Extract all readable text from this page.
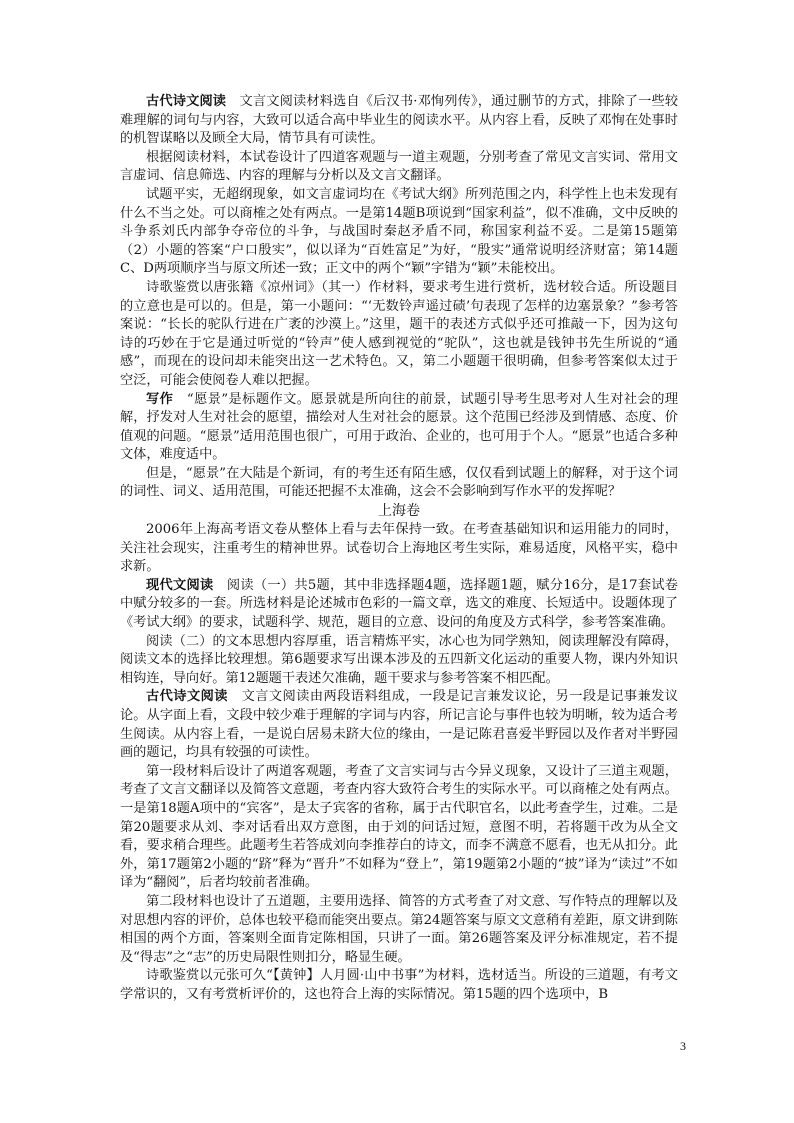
古代诗文阅读　文言文阅读材料选自《后汉书·邓恂列传》，通过删节的方式，排除了一些较难理解的词句与内容，大致可以适合高中毕业生的阅读水平。从内容上看，反映了邓恂在处事时的机智谋略以及顾全大局，情节具有可读性。

根据阅读材料，本试卷设计了四道客观题与一道主观题，分别考查了常见文言实词、常用文言虚词、信息筛选、内容的理解与分析以及文言文翻译。

试题平实，无超纲现象，如文言虚词均在《考试大纲》所列范围之内，科学性上也未发现有什么不当之处。可以商榷之处有两点。一是第14题B项说到“国家利益”，似不准确，文中反映的斗争系刘氏内部争夺帝位的斗争，与战国时秦赵矛盾不同，称国家利益不妥。二是第15题第（2）小题的答案“户口殷实”，似以译为“百姓富足”为好，“殷实”通常说明经济财富；第14题C、D两项顺序当与原文所述一致；正文中的两个“颖”字错为“颖”未能校出。

诗歌鉴赏以唐张籍《凉州词》（其一）作材料，要求考生进行赏析，选材较合适。所设题目的立意也是可以的。但是，第一小题问：“‘无数铃声遥过碛’句表现了怎样的边塞景象？”参考答案说：“长长的驼队行进在广袤的沙漠上。”这里，题干的表述方式似乎还可推敲一下，因为这句诗的巧妙在于它是通过听觉的“铃声”使人感到视觉的“驼队”，这也就是钱钟书先生所说的“通感”，而现在的设问却未能突出这一艺术特色。又，第二小题题干很明确，但参考答案似太过于空泛，可能会使阅卷人难以把握。

写作　“愿景”是标题作文。愿景就是所向往的前景，试题引导考生思考对人生对社会的理解，抒发对人生对社会的愿望，描绘对人生对社会的愿景。这个范围已经涉及到情感、态度、价值观的问题。“愿景”适用范围也很广，可用于政治、企业的，也可用于个人。“愿景”也适合多种文体，难度适中。

但是，“愿景”在大陆是个新词，有的考生还有陌生感，仅仅看到试题上的解释，对于这个词的词性、词义、适用范围，可能还把握不太准确，这会不会影响到写作水平的发挥呢？

上海卷

2006年上海高考语文卷从整体上看与去年保持一致。在考查基础知识和运用能力的同时，关注社会现实，注重考生的精神世界。试卷切合上海地区考生实际，难易适度，风格平实，稳中求新。

现代文阅读　阅读（一）共5题，其中非选择题4题，选择题1题，赋分16分，是17套试卷中赋分较多的一套。所选材料是论述城市色彩的一篇文章，选文的难度、长短适中。设题体现了《考试大纲》的要求，试题科学、规范，题目的立意、设问的角度及方式科学，参考答案准确。

阅读（二）的文本思想内容厚重，语言精炼平实，冰心也为同学熟知，阅读理解没有障碍，阅读文本的选择比较理想。第6题要求写出课本涉及的五四新文化运动的重要人物，课内外知识相钩连，导向好。第12题题干表述欠准确，题干要求与参考答案不相匹配。

古代诗文阅读　文言文阅读由两段语料组成，一段是记言兼发议论，另一段是记事兼发议论。从字面上看，文段中较少难于理解的字词与内容，所记言论与事件也较为明晰，较为适合考生阅读。从内容上看，一是说白居易未跻大位的缘由，一是记陈君喜爱半野园以及作者对半野园画的题记，均具有较强的可读性。

第一段材料后设计了两道客观题，考查了文言实词与古今异义现象，又设计了三道主观题，考查了文言文翻译以及简答文意题，考查内容大致符合考生的实际水平。可以商榷之处有两点。一是第18题A项中的“宾客”，是太子宾客的省称，属于古代职官名，以此考查学生，过难。二是第20题要求从刘、李对话看出双方意图，由于刘的问话过短，意图不明，若将题干改为从全文看，要求稍合理些。此题考生若答成刘向李推荐白的诗文，而李不满意不愿看，也无从扣分。此外，第17题第2小题的“跻”释为“晋升”不如释为“登上”，第19题第2小题的“披”译为“读过”不如译为“翻阅”，后者均较前者准确。

第二段材料也设计了五道题，主要用选择、简答的方式考查了对文意、写作特点的理解以及对思想内容的评价，总体也较平稳而能突出要点。第24题答案与原文文意稍有差距，原文讲到陈相国的两个方面，答案则全面肯定陈相国，只讲了一面。第26题答案及评分标准规定，若不提及“得志”之“志”的历史局限性则扣分，略显生硬。

诗歌鉴赏以元张可久“【黄钟】人月圆·山中书事”为材料，选材适当。所设的三道题，有考文学常识的，又有考赏析评价的，这也符合上海的实际情况。第15题的四个选项中，B

3
